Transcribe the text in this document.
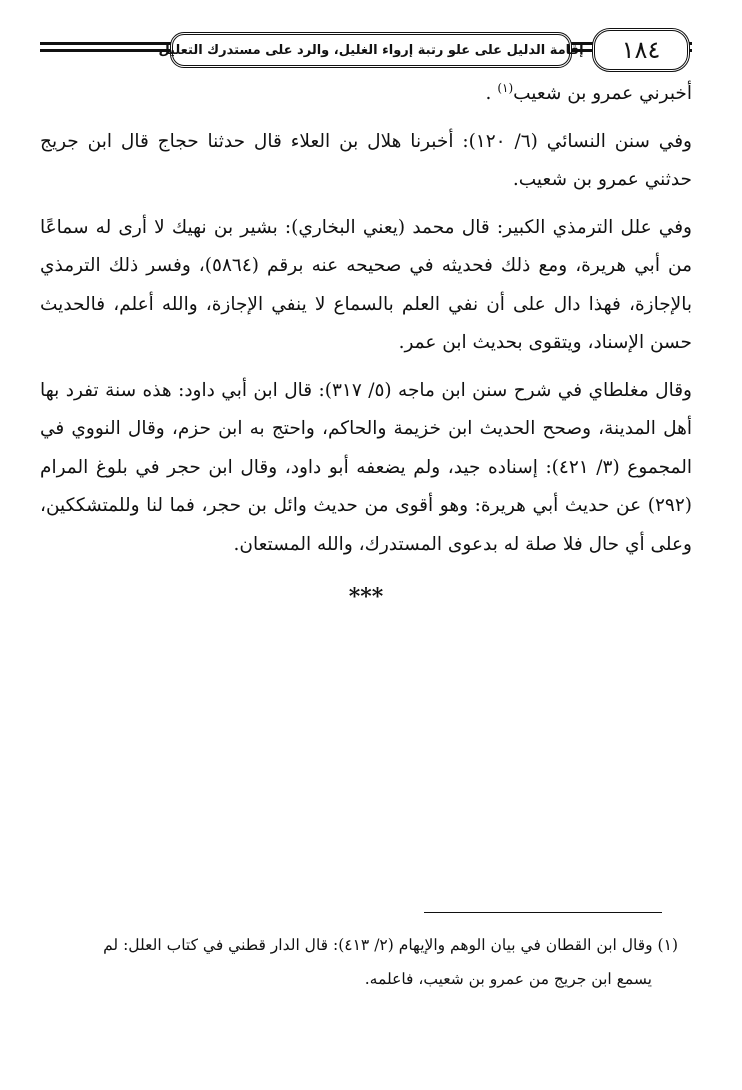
إقامة الدليل على علو رتبة إرواء الغليل، والرد على مستدرك التعليل	١٨٤

أخبرني عمرو بن شعيب$^{(١)}$ .

وفي سنن النسائي (٦/ ١٢٠): أخبرنا هلال بن العلاء قال حدثنا حجاج قال ابن جريج حدثني عمرو بن شعيب.

وفي علل الترمذي الكبير: قال محمد (يعني البخاري): بشير بن نهيك لا أرى له سماعًا من أبي هريرة، ومع ذلك فحديثه في صحيحه عنه برقم (٥٨٦٤)، وفسر ذلك الترمذي بالإجازة، فهذا دال على أن نفي العلم بالسماع لا ينفي الإجازة، والله أعلم، فالحديث حسن الإسناد، ويتقوى بحديث ابن عمر.

وقال مغلطاي في شرح سنن ابن ماجه (٥/ ٣١٧): قال ابن أبي داود: هذه سنة تفرد بها أهل المدينة، وصحح الحديث ابن خزيمة والحاكم، واحتج به ابن حزم، وقال النووي في المجموع (٣/ ٤٢١): إسناده جيد، ولم يضعفه أبو داود، وقال ابن حجر في بلوغ المرام (٢٩٢) عن حديث أبي هريرة: وهو أقوى من حديث وائل بن حجر، فما لنا وللمتشككين، وعلى أي حال فلا صلة له بدعوى المستدرك، والله المستعان.

***

(١) وقال ابن القطان في بيان الوهم والإيهام (٢/ ٤١٣): قال الدار قطني في كتاب العلل: لم

يسمع ابن جريج من عمرو بن شعيب، فاعلمه.
